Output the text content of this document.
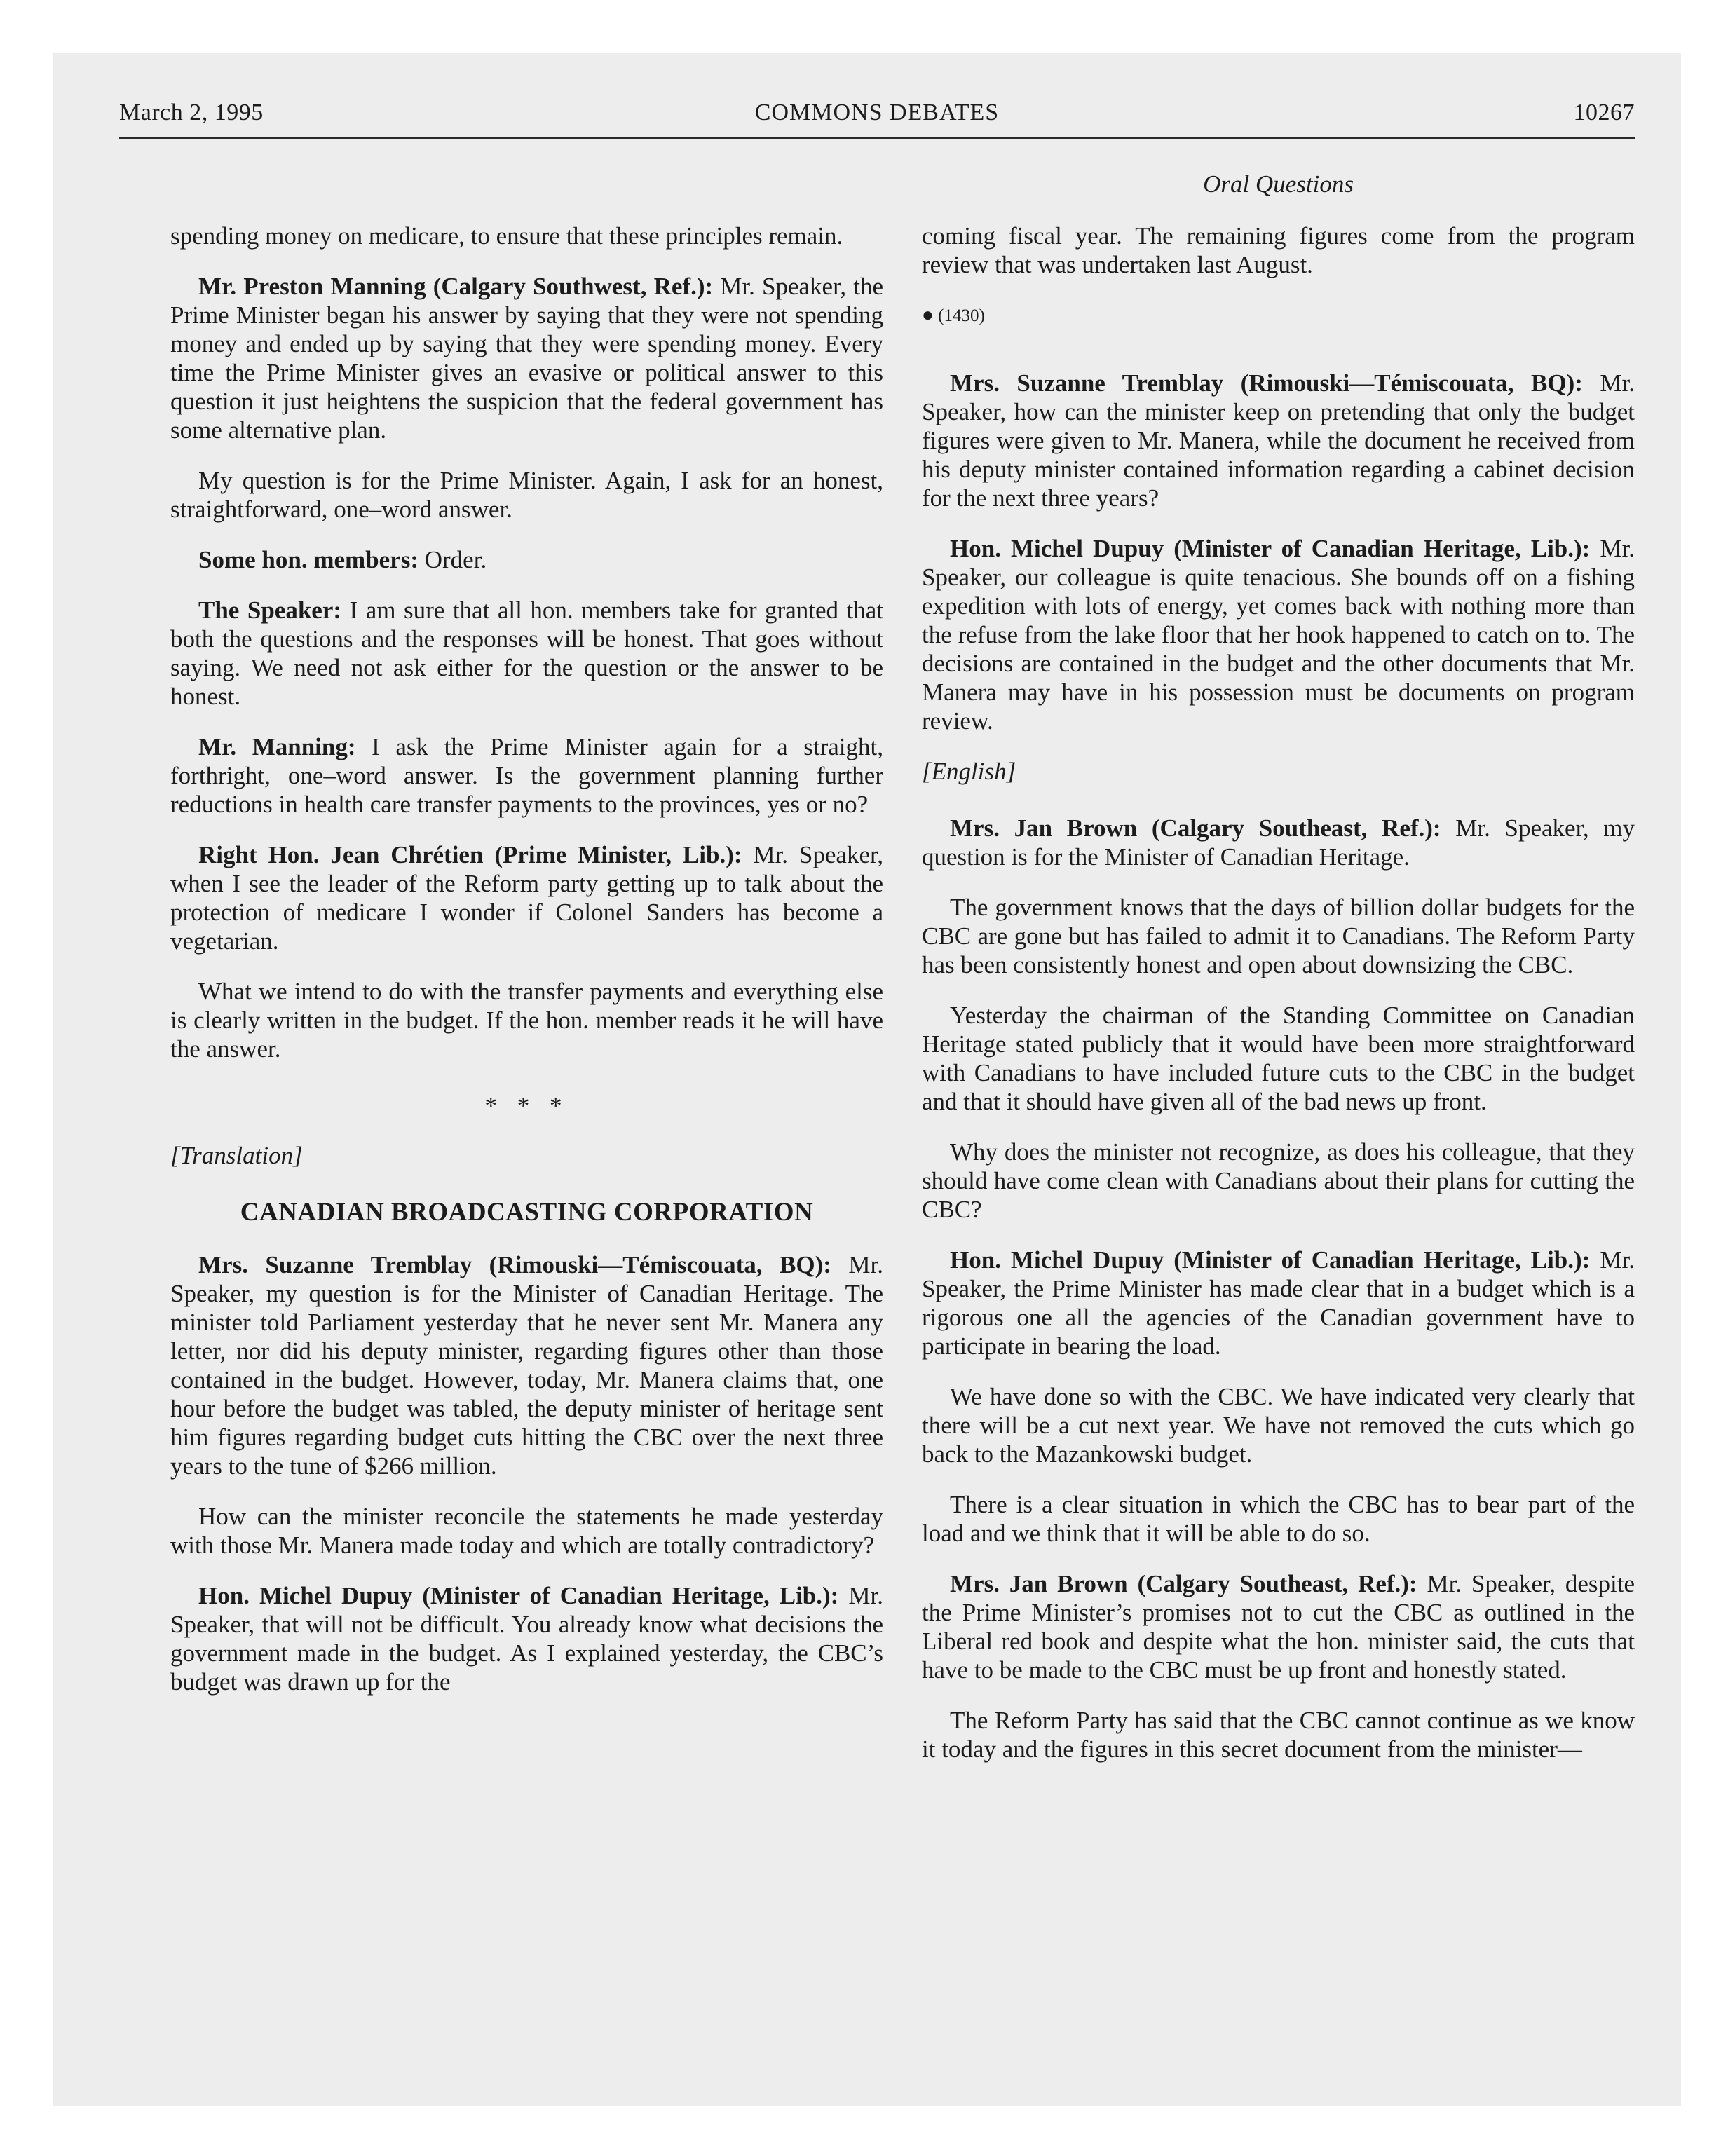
March 2, 1995	COMMONS DEBATES	10267
Oral Questions

spending money on medicare, to ensure that these principles remain.

Mr. Preston Manning (Calgary Southwest, Ref.): Mr. Speaker, the Prime Minister began his answer by saying that they were not spending money and ended up by saying that they were spending money. Every time the Prime Minister gives an evasive or political answer to this question it just heightens the suspicion that the federal government has some alternative plan.

My question is for the Prime Minister. Again, I ask for an honest, straightforward, one–word answer.

Some hon. members: Order.

The Speaker: I am sure that all hon. members take for granted that both the questions and the responses will be honest. That goes without saying. We need not ask either for the question or the answer to be honest.

Mr. Manning: I ask the Prime Minister again for a straight, forthright, one–word answer. Is the government planning further reductions in health care transfer payments to the provinces, yes or no?

Right Hon. Jean Chrétien (Prime Minister, Lib.): Mr. Speaker, when I see the leader of the Reform party getting up to talk about the protection of medicare I wonder if Colonel Sanders has become a vegetarian.

What we intend to do with the transfer payments and everything else is clearly written in the budget. If the hon. member reads it he will have the answer.

* * *
[Translation]
CANADIAN BROADCASTING CORPORATION

Mrs. Suzanne Tremblay (Rimouski—Témiscouata, BQ): Mr. Speaker, my question is for the Minister of Canadian Heritage. The minister told Parliament yesterday that he never sent Mr. Manera any letter, nor did his deputy minister, regarding figures other than those contained in the budget. However, today, Mr. Manera claims that, one hour before the budget was tabled, the deputy minister of heritage sent him figures regarding budget cuts hitting the CBC over the next three years to the tune of $266 million.

How can the minister reconcile the statements he made yesterday with those Mr. Manera made today and which are totally contradictory?

Hon. Michel Dupuy (Minister of Canadian Heritage, Lib.): Mr. Speaker, that will not be difficult. You already know what decisions the government made in the budget. As I explained yesterday, the CBC’s budget was drawn up for the

coming fiscal year. The remaining figures come from the program review that was undertaken last August.

● (1430)

Mrs. Suzanne Tremblay (Rimouski—Témiscouata, BQ): Mr. Speaker, how can the minister keep on pretending that only the budget figures were given to Mr. Manera, while the document he received from his deputy minister contained information regarding a cabinet decision for the next three years?

Hon. Michel Dupuy (Minister of Canadian Heritage, Lib.): Mr. Speaker, our colleague is quite tenacious. She bounds off on a fishing expedition with lots of energy, yet comes back with nothing more than the refuse from the lake floor that her hook happened to catch on to. The decisions are contained in the budget and the other documents that Mr. Manera may have in his possession must be documents on program review.

[English]

Mrs. Jan Brown (Calgary Southeast, Ref.): Mr. Speaker, my question is for the Minister of Canadian Heritage.

The government knows that the days of billion dollar budgets for the CBC are gone but has failed to admit it to Canadians. The Reform Party has been consistently honest and open about downsizing the CBC.

Yesterday the chairman of the Standing Committee on Canadian Heritage stated publicly that it would have been more straightforward with Canadians to have included future cuts to the CBC in the budget and that it should have given all of the bad news up front.

Why does the minister not recognize, as does his colleague, that they should have come clean with Canadians about their plans for cutting the CBC?

Hon. Michel Dupuy (Minister of Canadian Heritage, Lib.): Mr. Speaker, the Prime Minister has made clear that in a budget which is a rigorous one all the agencies of the Canadian government have to participate in bearing the load.

We have done so with the CBC. We have indicated very clearly that there will be a cut next year. We have not removed the cuts which go back to the Mazankowski budget.

There is a clear situation in which the CBC has to bear part of the load and we think that it will be able to do so.

Mrs. Jan Brown (Calgary Southeast, Ref.): Mr. Speaker, despite the Prime Minister’s promises not to cut the CBC as outlined in the Liberal red book and despite what the hon. minister said, the cuts that have to be made to the CBC must be up front and honestly stated.

The Reform Party has said that the CBC cannot continue as we know it today and the figures in this secret document from the minister—
